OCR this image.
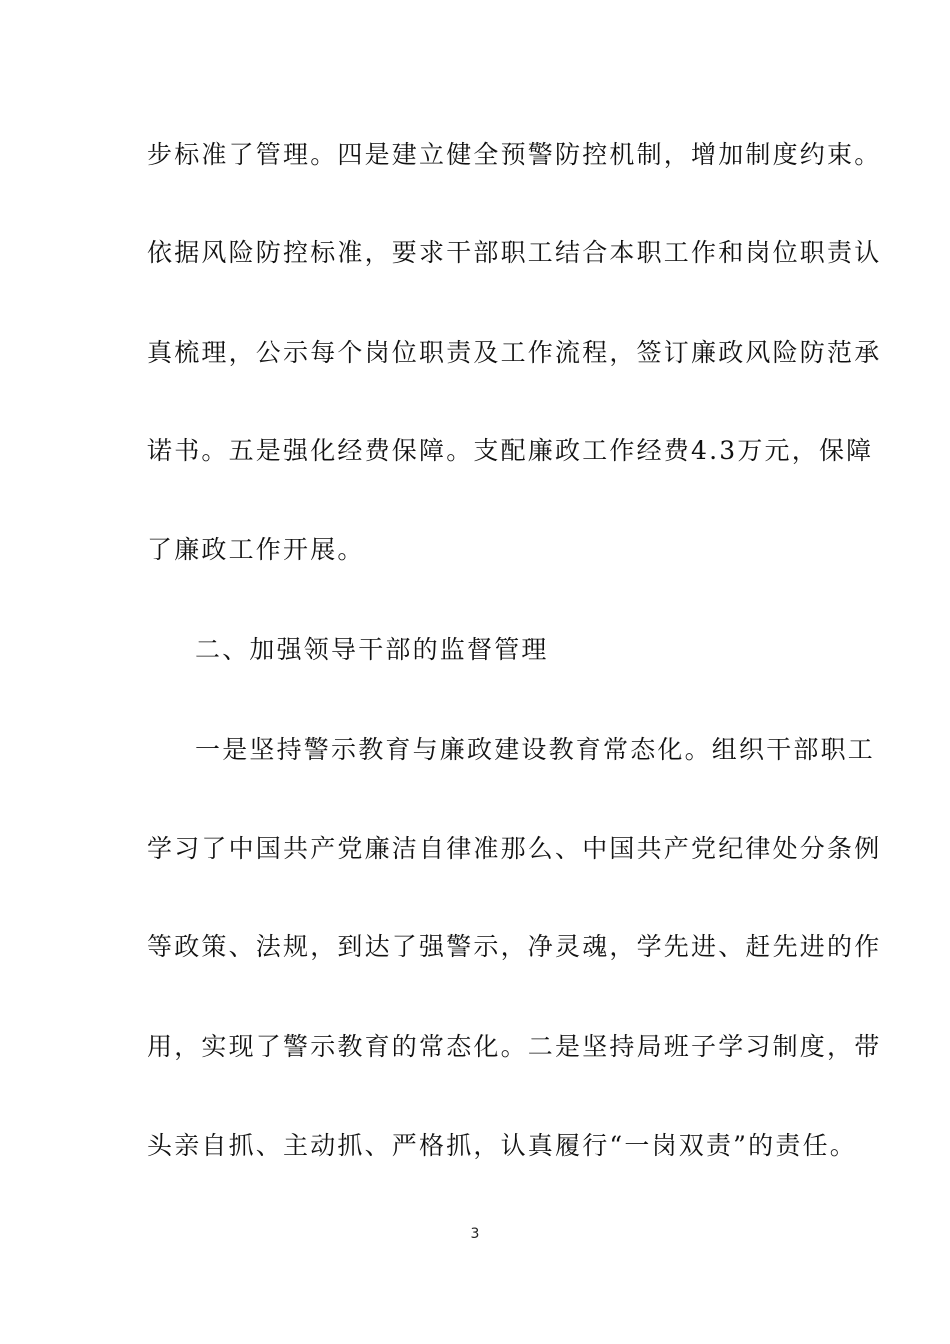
步标准了管理。四是建立健全预警防控机制，增加制度约束。
依据风险防控标准，要求干部职工结合本职工作和岗位职责认
真梳理，公示每个岗位职责及工作流程，签订廉政风险防范承
诺书。五是强化经费保障。支配廉政工作经费4.3万元，保障
了廉政工作开展。
二、加强领导干部的监督管理
一是坚持警示教育与廉政建设教育常态化。组织干部职工
学习了中国共产党廉洁自律准那么、中国共产党纪律处分条例
等政策、法规，到达了强警示，净灵魂，学先进、赶先进的作
用，实现了警示教育的常态化。二是坚持局班子学习制度，带
头亲自抓、主动抓、严格抓，认真履行“一岗双责”的责任。
3
